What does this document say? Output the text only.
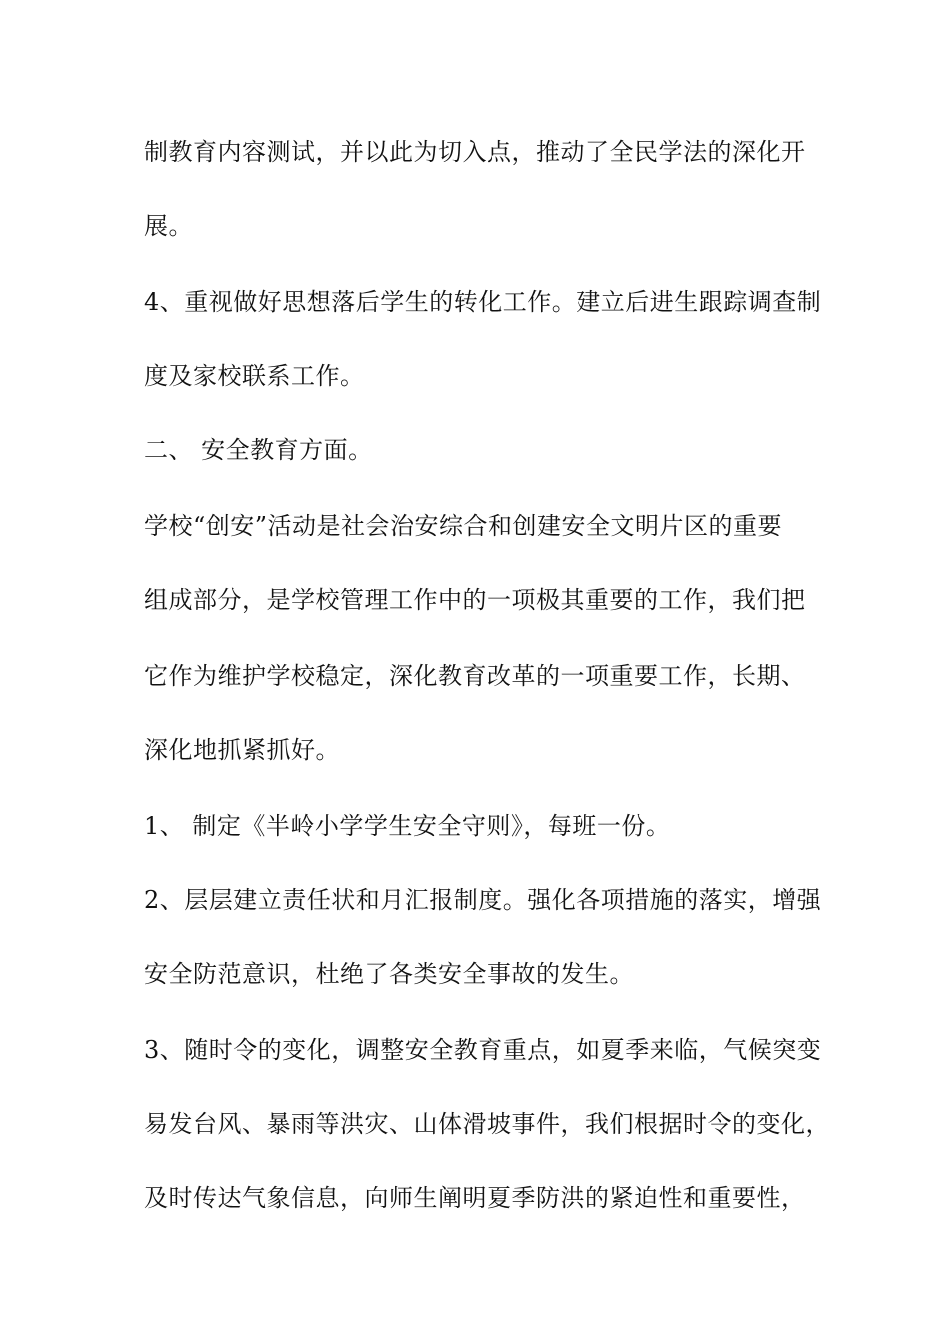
制教育内容测试，并以此为切入点，推动了全民学法的深化开
展。
4、重视做好思想落后学生的转化工作。建立后进生跟踪调查制
度及家校联系工作。
二、 安全教育方面。
学校“创安”活动是社会治安综合和创建安全文明片区的重要
组成部分，是学校管理工作中的一项极其重要的工作，我们把
它作为维护学校稳定，深化教育改革的一项重要工作，长期、
深化地抓紧抓好。
1、 制定《半岭小学学生安全守则》，每班一份。
2、层层建立责任状和月汇报制度。强化各项措施的落实，增强
安全防范意识，杜绝了各类安全事故的发生。
3、随时令的变化，调整安全教育重点，如夏季来临，气候突变
易发台风、暴雨等洪灾、山体滑坡事件，我们根据时令的变化，
及时传达气象信息，向师生阐明夏季防洪的紧迫性和重要性，
